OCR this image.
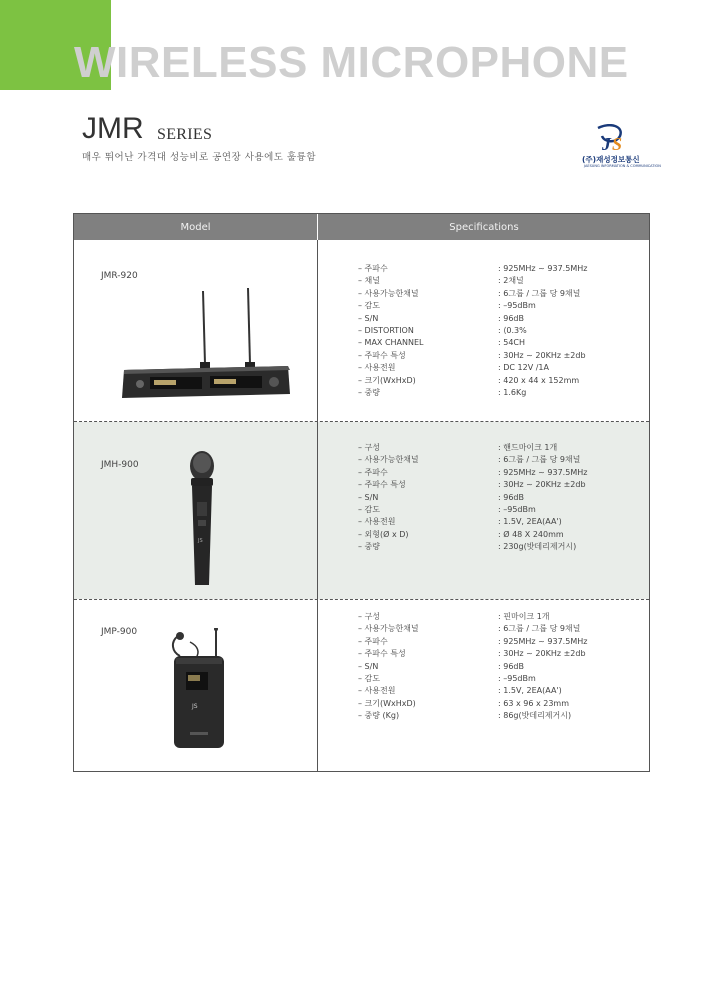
WIRELESS MICROPHONE
JMR SERIES
매우 뛰어난 가격대 성능비로 공연장 사용에도 훌륭함
J S
(주)재성정보통신
JAESUNG INFORMATION & COMMUNICATION
Model	Specifications
JMR-920
– 주파수	: 925MHz ~ 937.5MHz
– 채널	: 2채널
– 사용가능한채널	: 6그룹 / 그룹 당 9채널
– 감도	: –95dBm
– S/N	: 96dB
– DISTORTION	: ⟨0.3%
– MAX CHANNEL	: 54CH
– 주파수 특성	: 30Hz ~ 20KHz ±2db
– 사용전원	: DC 12V /1A
– 크기(WxHxD)	: 420 x 44 x 152mm
– 중량	: 1.6Kg
JMH-900
JS
– 구성	: 핸드마이크 1개
– 사용가능한채널	: 6그룹 / 그룹 당 9채널
– 주파수	: 925MHz ~ 937.5MHz
– 주파수 특성	: 30Hz ~ 20KHz ±2db
– S/N	: 96dB
– 감도	: –95dBm
– 사용전원	: 1.5V, 2EA(AA')
– 외형(Ø x D)	: Ø 48 X 240mm
– 중량	: 230g(밧데리제거시)
JMP-900
JS
– 구성	: 핀마이크 1개
– 사용가능한채널	: 6그룹 / 그룹 당 9채널
– 주파수	: 925MHz ~ 937.5MHz
– 주파수 특성	: 30Hz ~ 20KHz ±2db
– S/N	: 96dB
– 감도	: –95dBm
– 사용전원	: 1.5V, 2EA(AA')
– 크기(WxHxD)	: 63 x 96 x 23mm
– 중량 (Kg)	: 86g(밧데리제거시)
